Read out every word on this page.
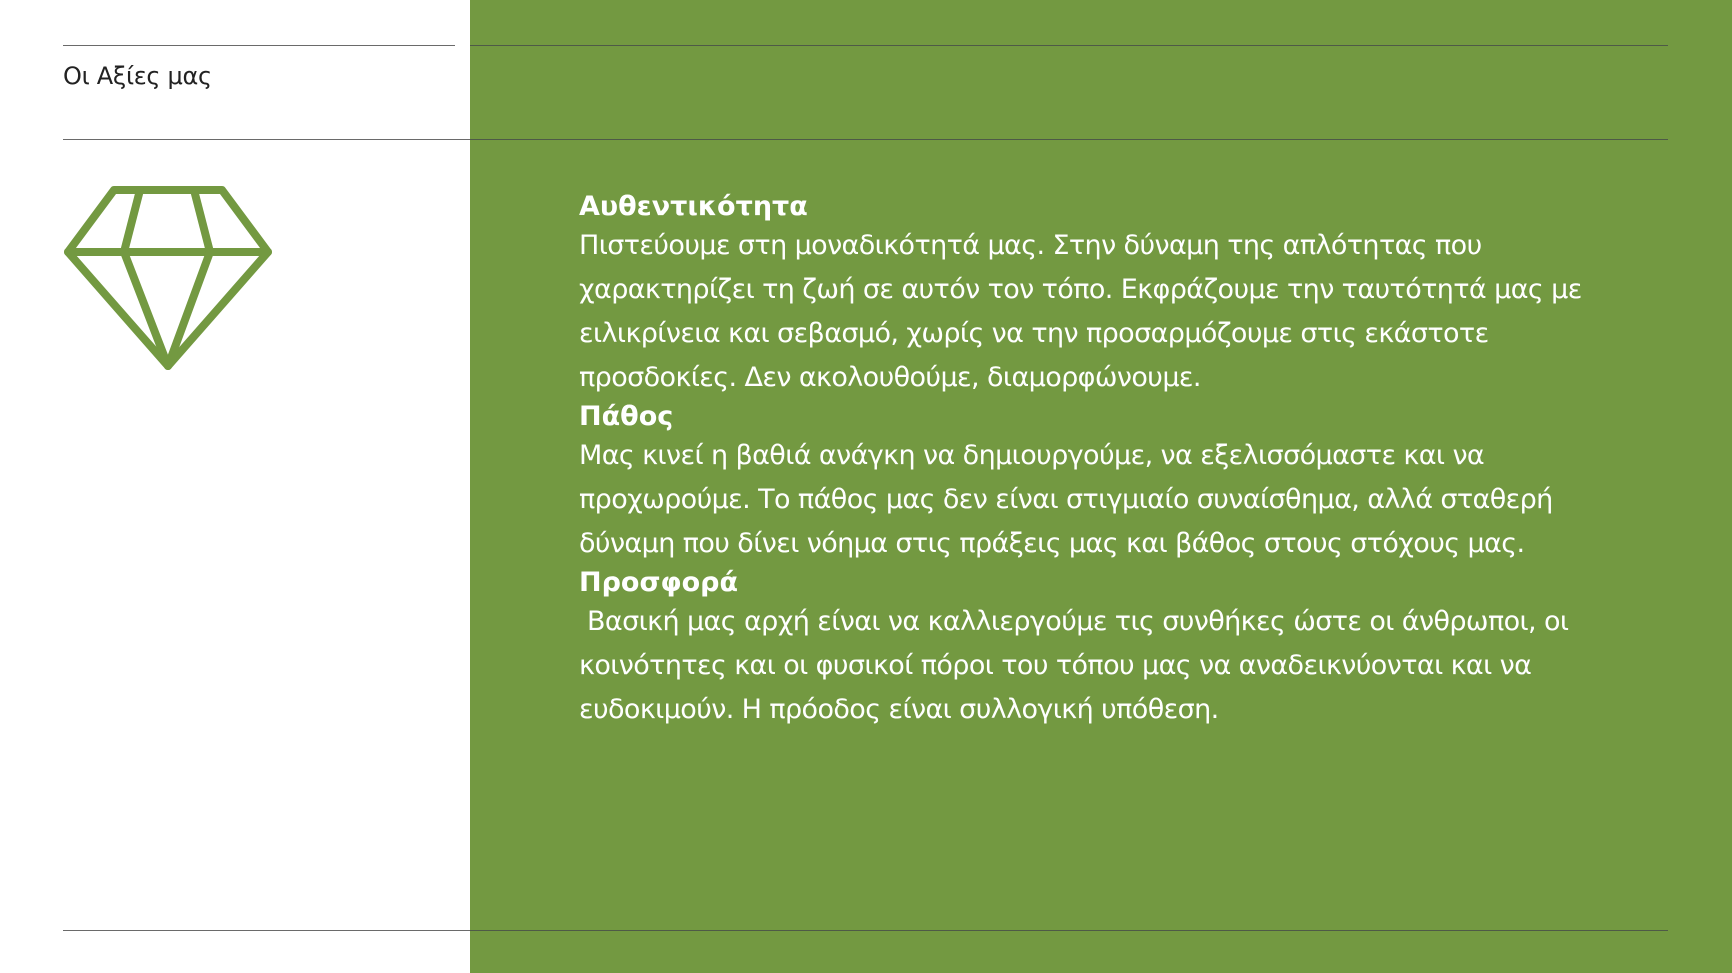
Οι Αξίες μας
Αυθεντικότητα
Πιστεύουμε στη μοναδικότητά μας. Στην δύναμη της απλότητας που χαρακτηρίζει τη ζωή σε αυτόν τον τόπο. Εκφράζουμε την ταυτότητά μας με ειλικρίνεια και σεβασμό, χωρίς να την προσαρμόζουμε στις εκάστοτε προσδοκίες. Δεν ακολουθούμε, διαμορφώνουμε.
Πάθος
Μας κινεί η βαθιά ανάγκη να δημιουργούμε, να εξελισσόμαστε και να προχωρούμε. Το πάθος μας δεν είναι στιγμιαίο συναίσθημα, αλλά σταθερή δύναμη που δίνει νόημα στις πράξεις μας και βάθος στους στόχους μας.
Προσφορά
Βασική μας αρχή είναι να καλλιεργούμε τις συνθήκες ώστε οι άνθρωποι, οι κοινότητες και οι φυσικοί πόροι του τόπου μας να αναδεικνύονται και να ευδοκιμούν. Η πρόοδος είναι συλλογική υπόθεση.
